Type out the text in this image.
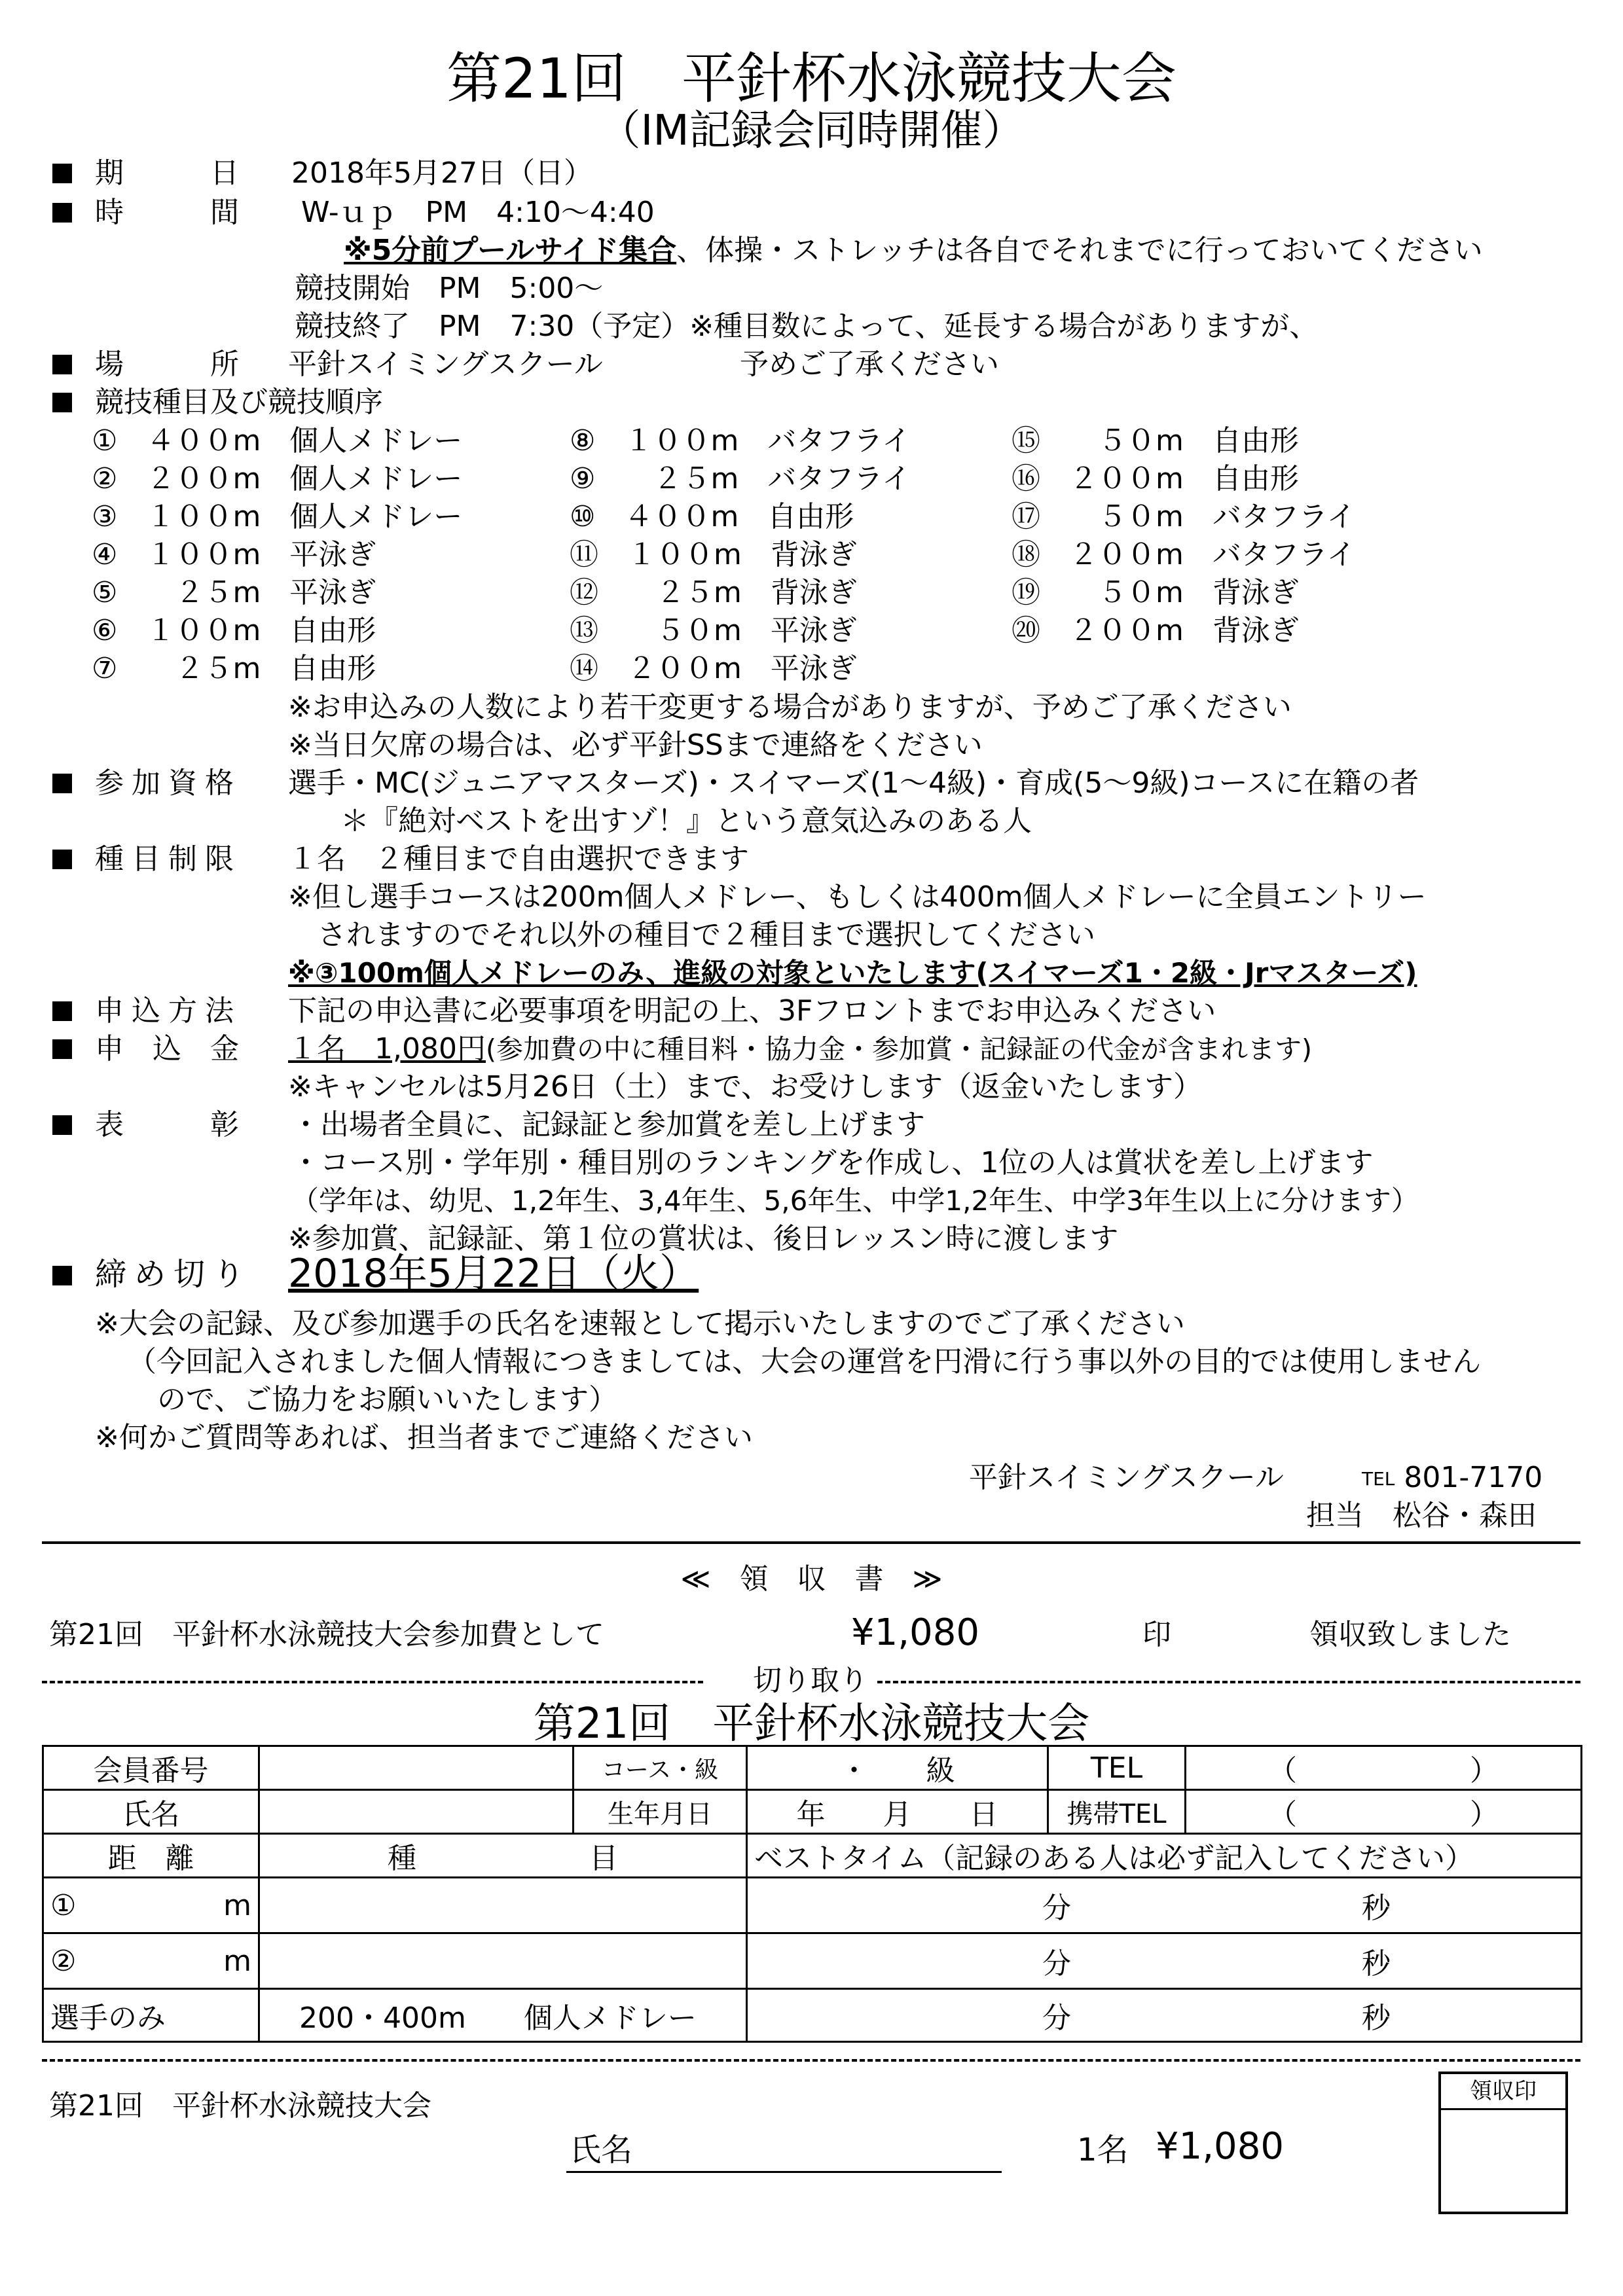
第21回　平針杯水泳競技大会
（IM記録会同時開催）
期　　　日 2018年5月27日（日）
時　　　間 W-ｕｐ　PM　4:10～4:40
※5分前プールサイド集合、体操・ストレッチは各自でそれまでに行っておいてください
競技開始　PM　5:00～
競技終了　PM　7:30（予定）※種目数によって、延長する場合がありますが、
場　　　所 平針スイミングスクール	予めご了承ください
競技種目及び競技順序
①　４００m　個人メドレー
②　２００m　個人メドレー
③　１００m　個人メドレー
④　１００m　平泳ぎ
⑤　　２５m　平泳ぎ
⑥　１００m　自由形
⑦　　２５m　自由形
⑧　１００m　バタフライ
⑨　　２５m　バタフライ
⑩　４００m　自由形
⑪　１００m　背泳ぎ
⑫　　２５m　背泳ぎ
⑬　　５０m　平泳ぎ
⑭　２００m　平泳ぎ
⑮　　５０m　自由形
⑯　２００m　自由形
⑰　　５０m　バタフライ
⑱　２００m　バタフライ
⑲　　５０m　背泳ぎ
⑳　２００m　背泳ぎ
※お申込みの人数により若干変更する場合がありますが、予めご了承ください
※当日欠席の場合は、必ず平針SSまで連絡をください
参加資格 選手・MC(ジュニアマスターズ)・スイマーズ(1～4級)・育成(5～9級)コースに在籍の者
＊『絶対ベストを出すゾ！』という意気込みのある人
種目制限 １名　２種目まで自由選択できます
※但し選手コースは200m個人メドレー、もしくは400m個人メドレーに全員エントリー
されますのでそれ以外の種目で２種目まで選択してください
※③100m個人メドレーのみ、進級の対象といたします(スイマーズ1・2級・Jrマスターズ)
申込方法 下記の申込書に必要事項を明記の上、3Fフロントまでお申込みください
申　込　金 １名　1,080円(参加費の中に種目料・協力金・参加賞・記録証の代金が含まれます)
※キャンセルは5月26日（土）まで、お受けします（返金いたします）
表　　　彰 ・出場者全員に、記録証と参加賞を差し上げます
・コース別・学年別・種目別のランキングを作成し、1位の人は賞状を差し上げます
（学年は、幼児、1,2年生、3,4年生、5,6年生、中学1,2年生、中学3年生以上に分けます）
※参加賞、記録証、第１位の賞状は、後日レッスン時に渡します
締め切り 2018年5月22日（火）
※大会の記録、及び参加選手の氏名を速報として掲示いたしますのでご了承ください
（今回記入されました個人情報につきましては、大会の運営を円滑に行う事以外の目的では使用しません
ので、ご協力をお願いいたします）
※何かご質問等あれば、担当者までご連絡ください
平針スイミングスクール	TEL 801-7170
担当　松谷・森田
≪　領　収　書　≫
第21回　平針杯水泳競技大会参加費として	¥1,080	印	領収致しました
切り取り
第21回　平針杯水泳競技大会
会員番号		コース・級	・　　級	TEL	（　　　　　　）
氏名		生年月日	年　　月　　日	携帯TEL	（　　　　　　）
距　離	種　　　　　　目		ベストタイム（記録のある人は必ず記入してください）		
① m			分 秒		
② m			分 秒		
選手のみ	200・400m　　個人メドレー		分 秒		
第21回　平針杯水泳競技大会
氏名	1名 ¥1,080
領収印
